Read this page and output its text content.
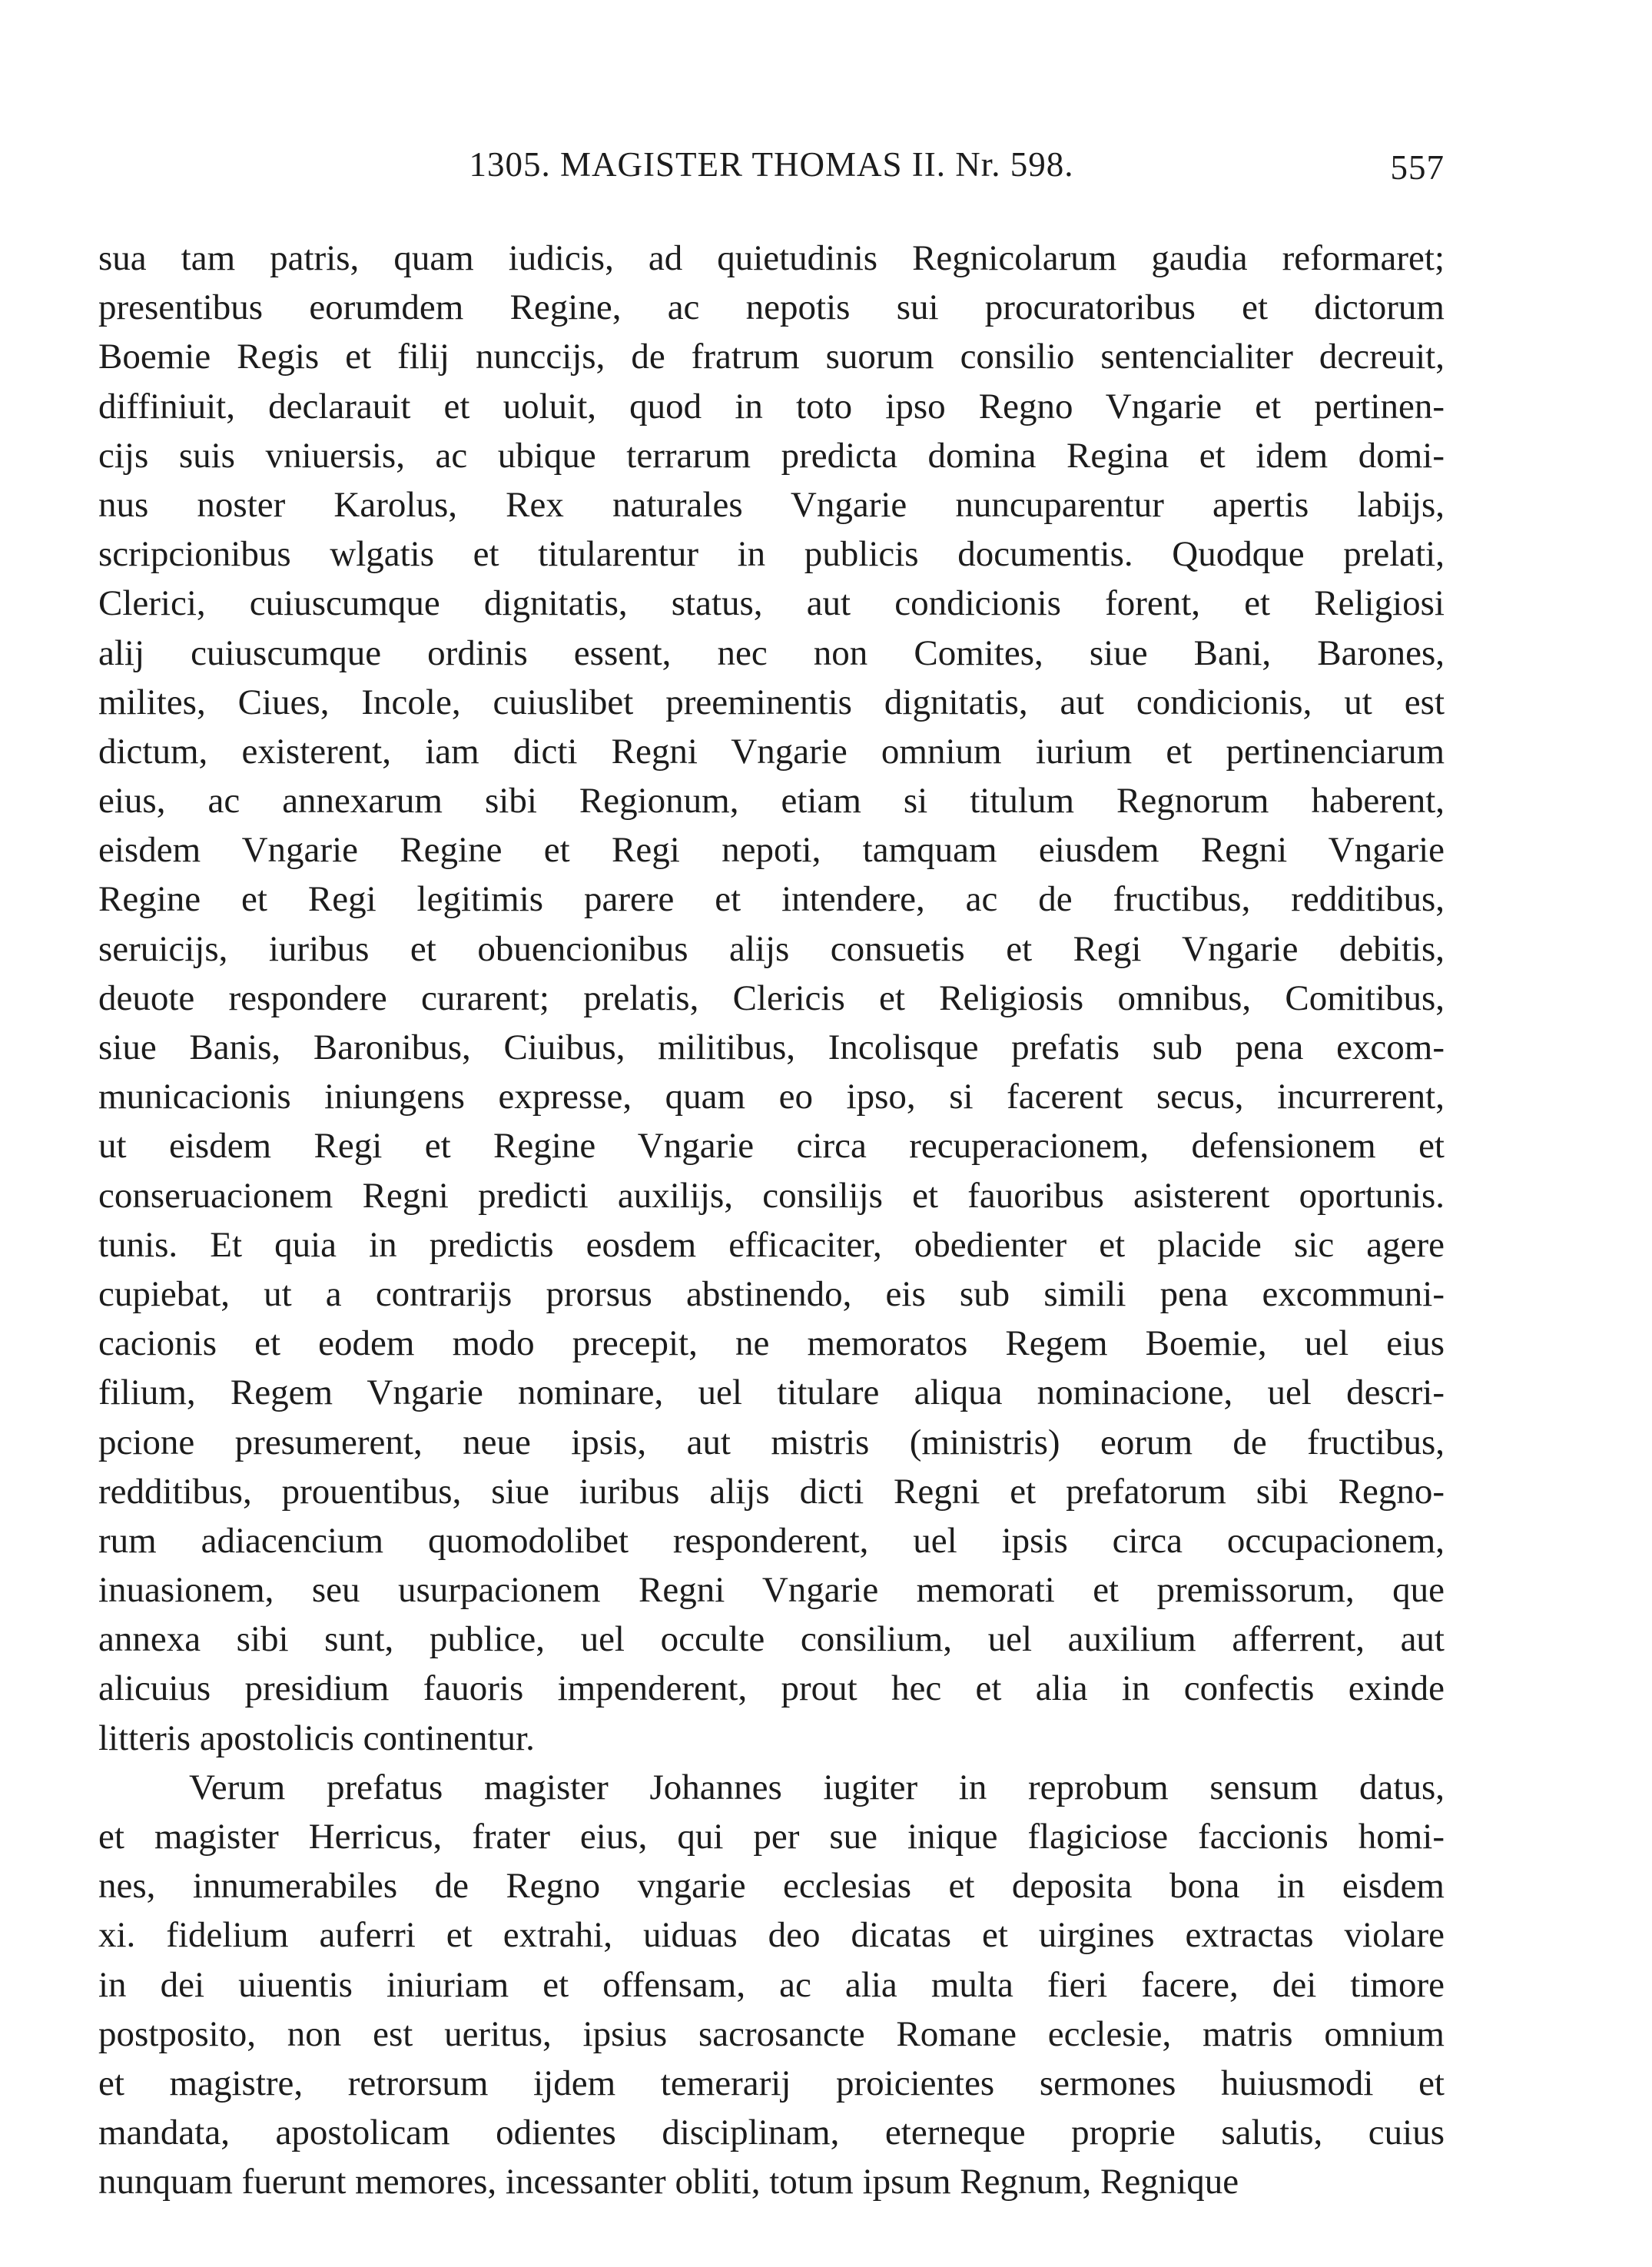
1305. MAGISTER THOMAS II. Nr. 598.	557
sua tam patris, quam iudicis, ad quietudinis Regnicolarum gaudia reformaret;
presentibus eorumdem Regine, ac nepotis sui procuratoribus et dictorum
Boemie Regis et filij nunccijs, de fratrum suorum consilio sentencialiter decreuit,
diffiniuit, declarauit et uoluit, quod in toto ipso Regno Vngarie et pertinen-
cijs suis vniuersis, ac ubique terrarum predicta domina Regina et idem domi-
nus noster Karolus, Rex naturales Vngarie nuncuparentur apertis labijs,
scripcionibus wlgatis et titularentur in publicis documentis. Quodque prelati,
Clerici, cuiuscumque dignitatis, status, aut condicionis forent, et Religiosi
alij cuiuscumque ordinis essent, nec non Comites, siue Bani, Barones,
milites, Ciues, Incole, cuiuslibet preeminentis dignitatis, aut condicionis, ut est
dictum, existerent, iam dicti Regni Vngarie omnium iurium et pertinenciarum
eius, ac annexarum sibi Regionum, etiam si titulum Regnorum haberent,
eisdem Vngarie Regine et Regi nepoti, tamquam eiusdem Regni Vngarie
Regine et Regi legitimis parere et intendere, ac de fructibus, redditibus,
seruicijs, iuribus et obuencionibus alijs consuetis et Regi Vngarie debitis,
deuote respondere curarent; prelatis, Clericis et Religiosis omnibus, Comitibus,
siue Banis, Baronibus, Ciuibus, militibus, Incolisque prefatis sub pena excom-
municacionis iniungens expresse, quam eo ipso, si facerent secus, incurrerent,
ut eisdem Regi et Regine Vngarie circa recuperacionem, defensionem et
conseruacionem Regni predicti auxilijs, consilijs et fauoribus asisterent oportunis.
tunis. Et quia in predictis eosdem efficaciter, obedienter et placide sic agere
cupiebat, ut a contrarijs prorsus abstinendo, eis sub simili pena excommuni-
cacionis et eodem modo precepit, ne memoratos Regem Boemie, uel eius
filium, Regem Vngarie nominare, uel titulare aliqua nominacione, uel descri-
pcione presumerent, neue ipsis, aut mistris (ministris) eorum de fructibus,
redditibus, prouentibus, siue iuribus alijs dicti Regni et prefatorum sibi Regno-
rum adiacencium quomodolibet responderent, uel ipsis circa occupacionem,
inuasionem, seu usurpacionem Regni Vngarie memorati et premissorum, que
annexa sibi sunt, publice, uel occulte consilium, uel auxilium afferrent, aut
alicuius presidium fauoris impenderent, prout hec et alia in confectis exinde
litteris apostolicis continentur.
Verum prefatus magister Johannes iugiter in reprobum sensum datus,
et magister Herricus, frater eius, qui per sue inique flagiciose faccionis homi-
nes, innumerabiles de Regno vngarie ecclesias et deposita bona in eisdem
xi. fidelium auferri et extrahi, uiduas deo dicatas et uirgines extractas violare
in dei uiuentis iniuriam et offensam, ac alia multa fieri facere, dei timore
postposito, non est ueritus, ipsius sacrosancte Romane ecclesie, matris omnium
et magistre, retrorsum ijdem temerarij proicientes sermones huiusmodi et
mandata, apostolicam odientes disciplinam, eterneque proprie salutis, cuius
nunquam fuerunt memores, incessanter obliti, totum ipsum Regnum, Regnique
